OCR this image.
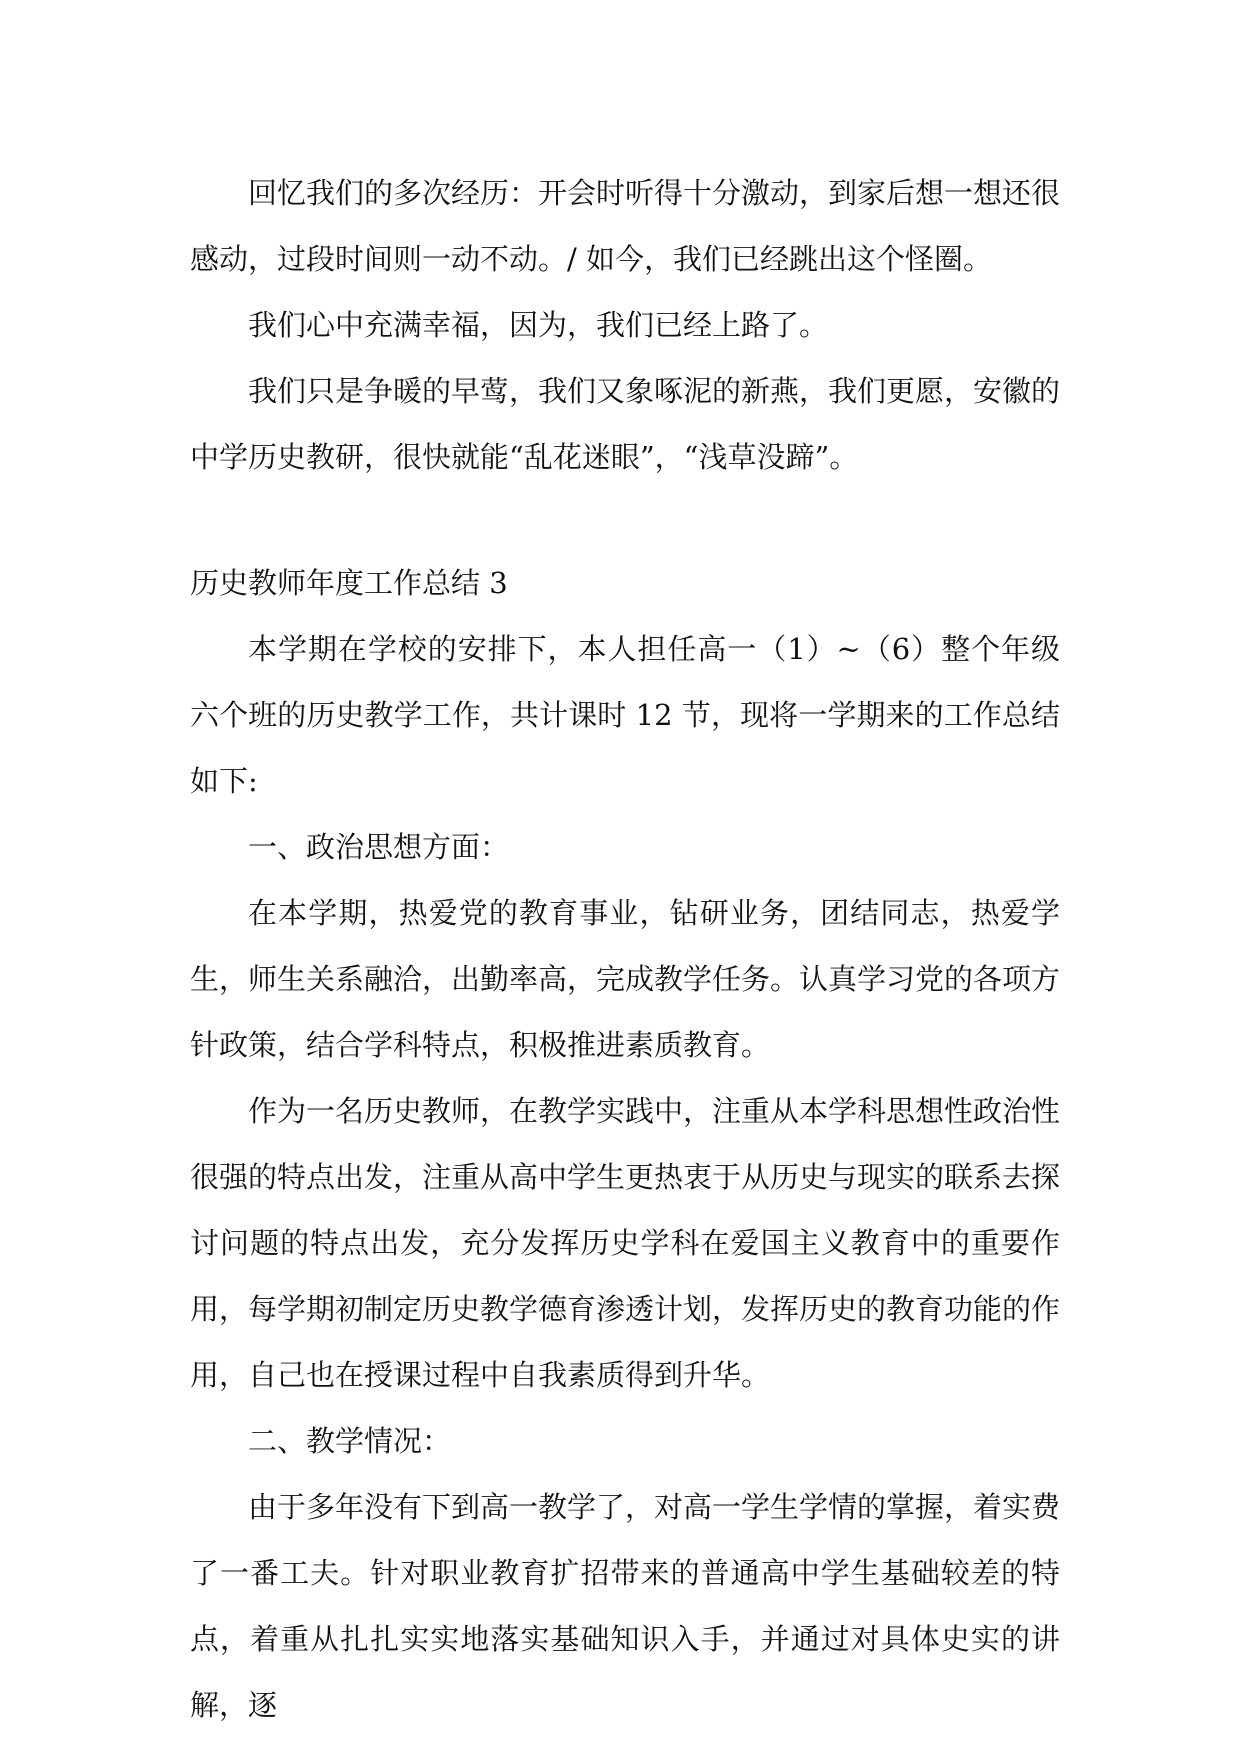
回忆我们的多次经历：开会时听得十分激动，到家后想一想还很感动，过段时间则一动不动。/ 如今，我们已经跳出这个怪圈。

我们心中充满幸福，因为，我们已经上路了。

我们只是争暖的早莺，我们又象啄泥的新燕，我们更愿，安徽的中学历史教研，很快就能“乱花迷眼”，“浅草没蹄”。

历史教师年度工作总结 3

本学期在学校的安排下，本人担任高一（1）~（6）整个年级六个班的历史教学工作，共计课时 12 节，现将一学期来的工作总结如下:

一、政治思想方面：

在本学期，热爱党的教育事业，钻研业务，团结同志，热爱学生，师生关系融洽，出勤率高，完成教学任务。认真学习党的各项方针政策，结合学科特点，积极推进素质教育。

作为一名历史教师，在教学实践中，注重从本学科思想性政治性很强的特点出发，注重从高中学生更热衷于从历史与现实的联系去探讨问题的特点出发，充分发挥历史学科在爱国主义教育中的重要作用，每学期初制定历史教学德育渗透计划，发挥历史的教育功能的作用，自己也在授课过程中自我素质得到升华。

二、教学情况：

由于多年没有下到高一教学了，对高一学生学情的掌握，着实费了一番工夫。针对职业教育扩招带来的普通高中学生基础较差的特点，着重从扎扎实实地落实基础知识入手，并通过对具体史实的讲解，逐
